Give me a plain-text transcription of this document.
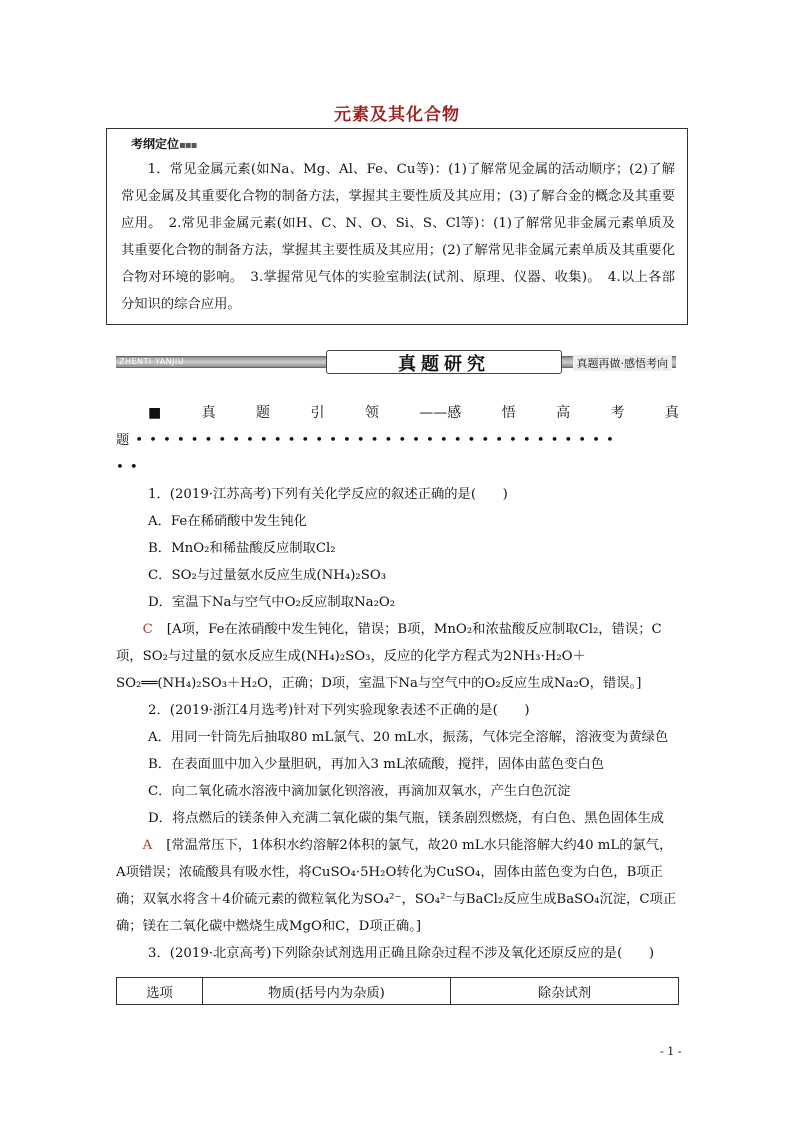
元素及其化合物
考纲定位▪▪▪
1．常见金属元素(如Na、Mg、Al、Fe、Cu等)：(1)了解常见金属的活动顺序；(2)了解常见金属及其重要化合物的制备方法，掌握其主要性质及其应用；(3)了解合金的概念及其重要应用。　2.常见非金属元素(如H、C、N、O、Si、S、Cl等)：(1)了解常见非金属元素单质及其重要化合物的制备方法，掌握其主要性质及其应用；(2)了解常见非金属元素单质及其重要化合物对环境的影响。　3.掌握常见气体的实验室制法(试剂、原理、仪器、收集)。　4.以上各部分知识的综合应用。
ZHENTI YANJIU	真题研究	真题再做·感悟考向
■	真	题	引	领	——感	悟	高	考	真
题•••••••••••••••••••••••••••••••••••
••
1．(2019·江苏高考)下列有关化学反应的叙述正确的是(　　)
A．Fe在稀硝酸中发生钝化
B．MnO₂和稀盐酸反应制取Cl₂
C．SO₂与过量氨水反应生成(NH₄)₂SO₃
D．室温下Na与空气中O₂反应制取Na₂O₂
C [A项，Fe在浓硝酸中发生钝化，错误；B项，MnO₂和浓盐酸反应制取Cl₂，错误；C项，SO₂与过量的氨水反应生成(NH₄)₂SO₃，反应的化学方程式为2NH₃·H₂O＋SO₂══(NH₄)₂SO₃＋H₂O，正确；D项，室温下Na与空气中的O₂反应生成Na₂O，错误。]
2．(2019·浙江4月选考)针对下列实验现象表述不正确的是(　　)
A．用同一针筒先后抽取80 mL氯气、20 mL水，振荡，气体完全溶解，溶液变为黄绿色
B．在表面皿中加入少量胆矾，再加入3 mL浓硫酸，搅拌，固体由蓝色变白色
C．向二氧化硫水溶液中滴加氯化钡溶液，再滴加双氧水，产生白色沉淀
D．将点燃后的镁条伸入充满二氧化碳的集气瓶，镁条剧烈燃烧，有白色、黑色固体生成
A [常温常压下，1体积水约溶解2体积的氯气，故20 mL水只能溶解大约40 mL的氯气，A项错误；浓硫酸具有吸水性，将CuSO₄·5H₂O转化为CuSO₄，固体由蓝色变为白色，B项正确；双氧水将含＋4价硫元素的微粒氧化为SO₄²⁻，SO₄²⁻与BaCl₂反应生成BaSO₄沉淀，C项正确；镁在二氧化碳中燃烧生成MgO和C，D项正确。]
3．(2019·北京高考)下列除杂试剂选用正确且除杂过程不涉及氧化还原反应的是(　　)
选项	物质(括号内为杂质)	除杂试剂
- 1 -
